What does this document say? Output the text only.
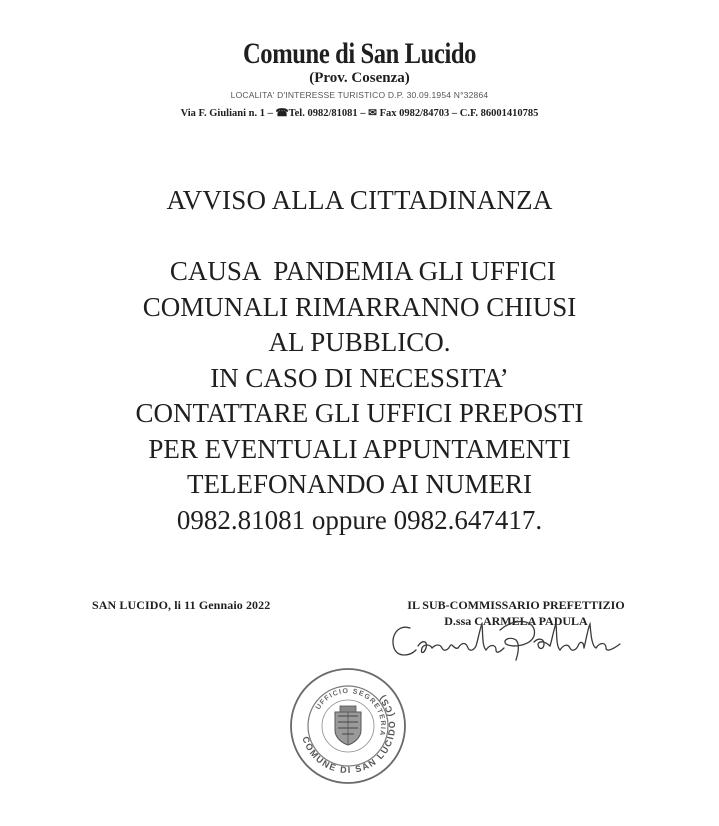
Comune di San Lucido
(Prov. Cosenza)
LOCALITA' D'INTERESSE TURISTICO D.P. 30.09.1954 N°32864
Via F. Giuliani n. 1 – ☎Tel. 0982/81081 – ✉ Fax 0982/84703 – C.F. 86001410785
AVVISO ALLA CITTADINANZA
CAUSA  PANDEMIA GLI UFFICI
COMUNALI RIMARRANNO CHIUSI
AL PUBBLICO.
IN CASO DI NECESSITA’
CONTATTARE GLI UFFICI PREPOSTI
PER EVENTUALI APPUNTAMENTI
TELEFONANDO AI NUMERI
0982.81081 oppure 0982.647417.
SAN LUCIDO, li 11 Gennaio 2022	IL SUB-COMMISSARIO PREFETTIZIO
D.ssa CARMELA PADULA
COMUNE DI SAN LUCIDO (CS)
UFFICIO SEGRETERIA
